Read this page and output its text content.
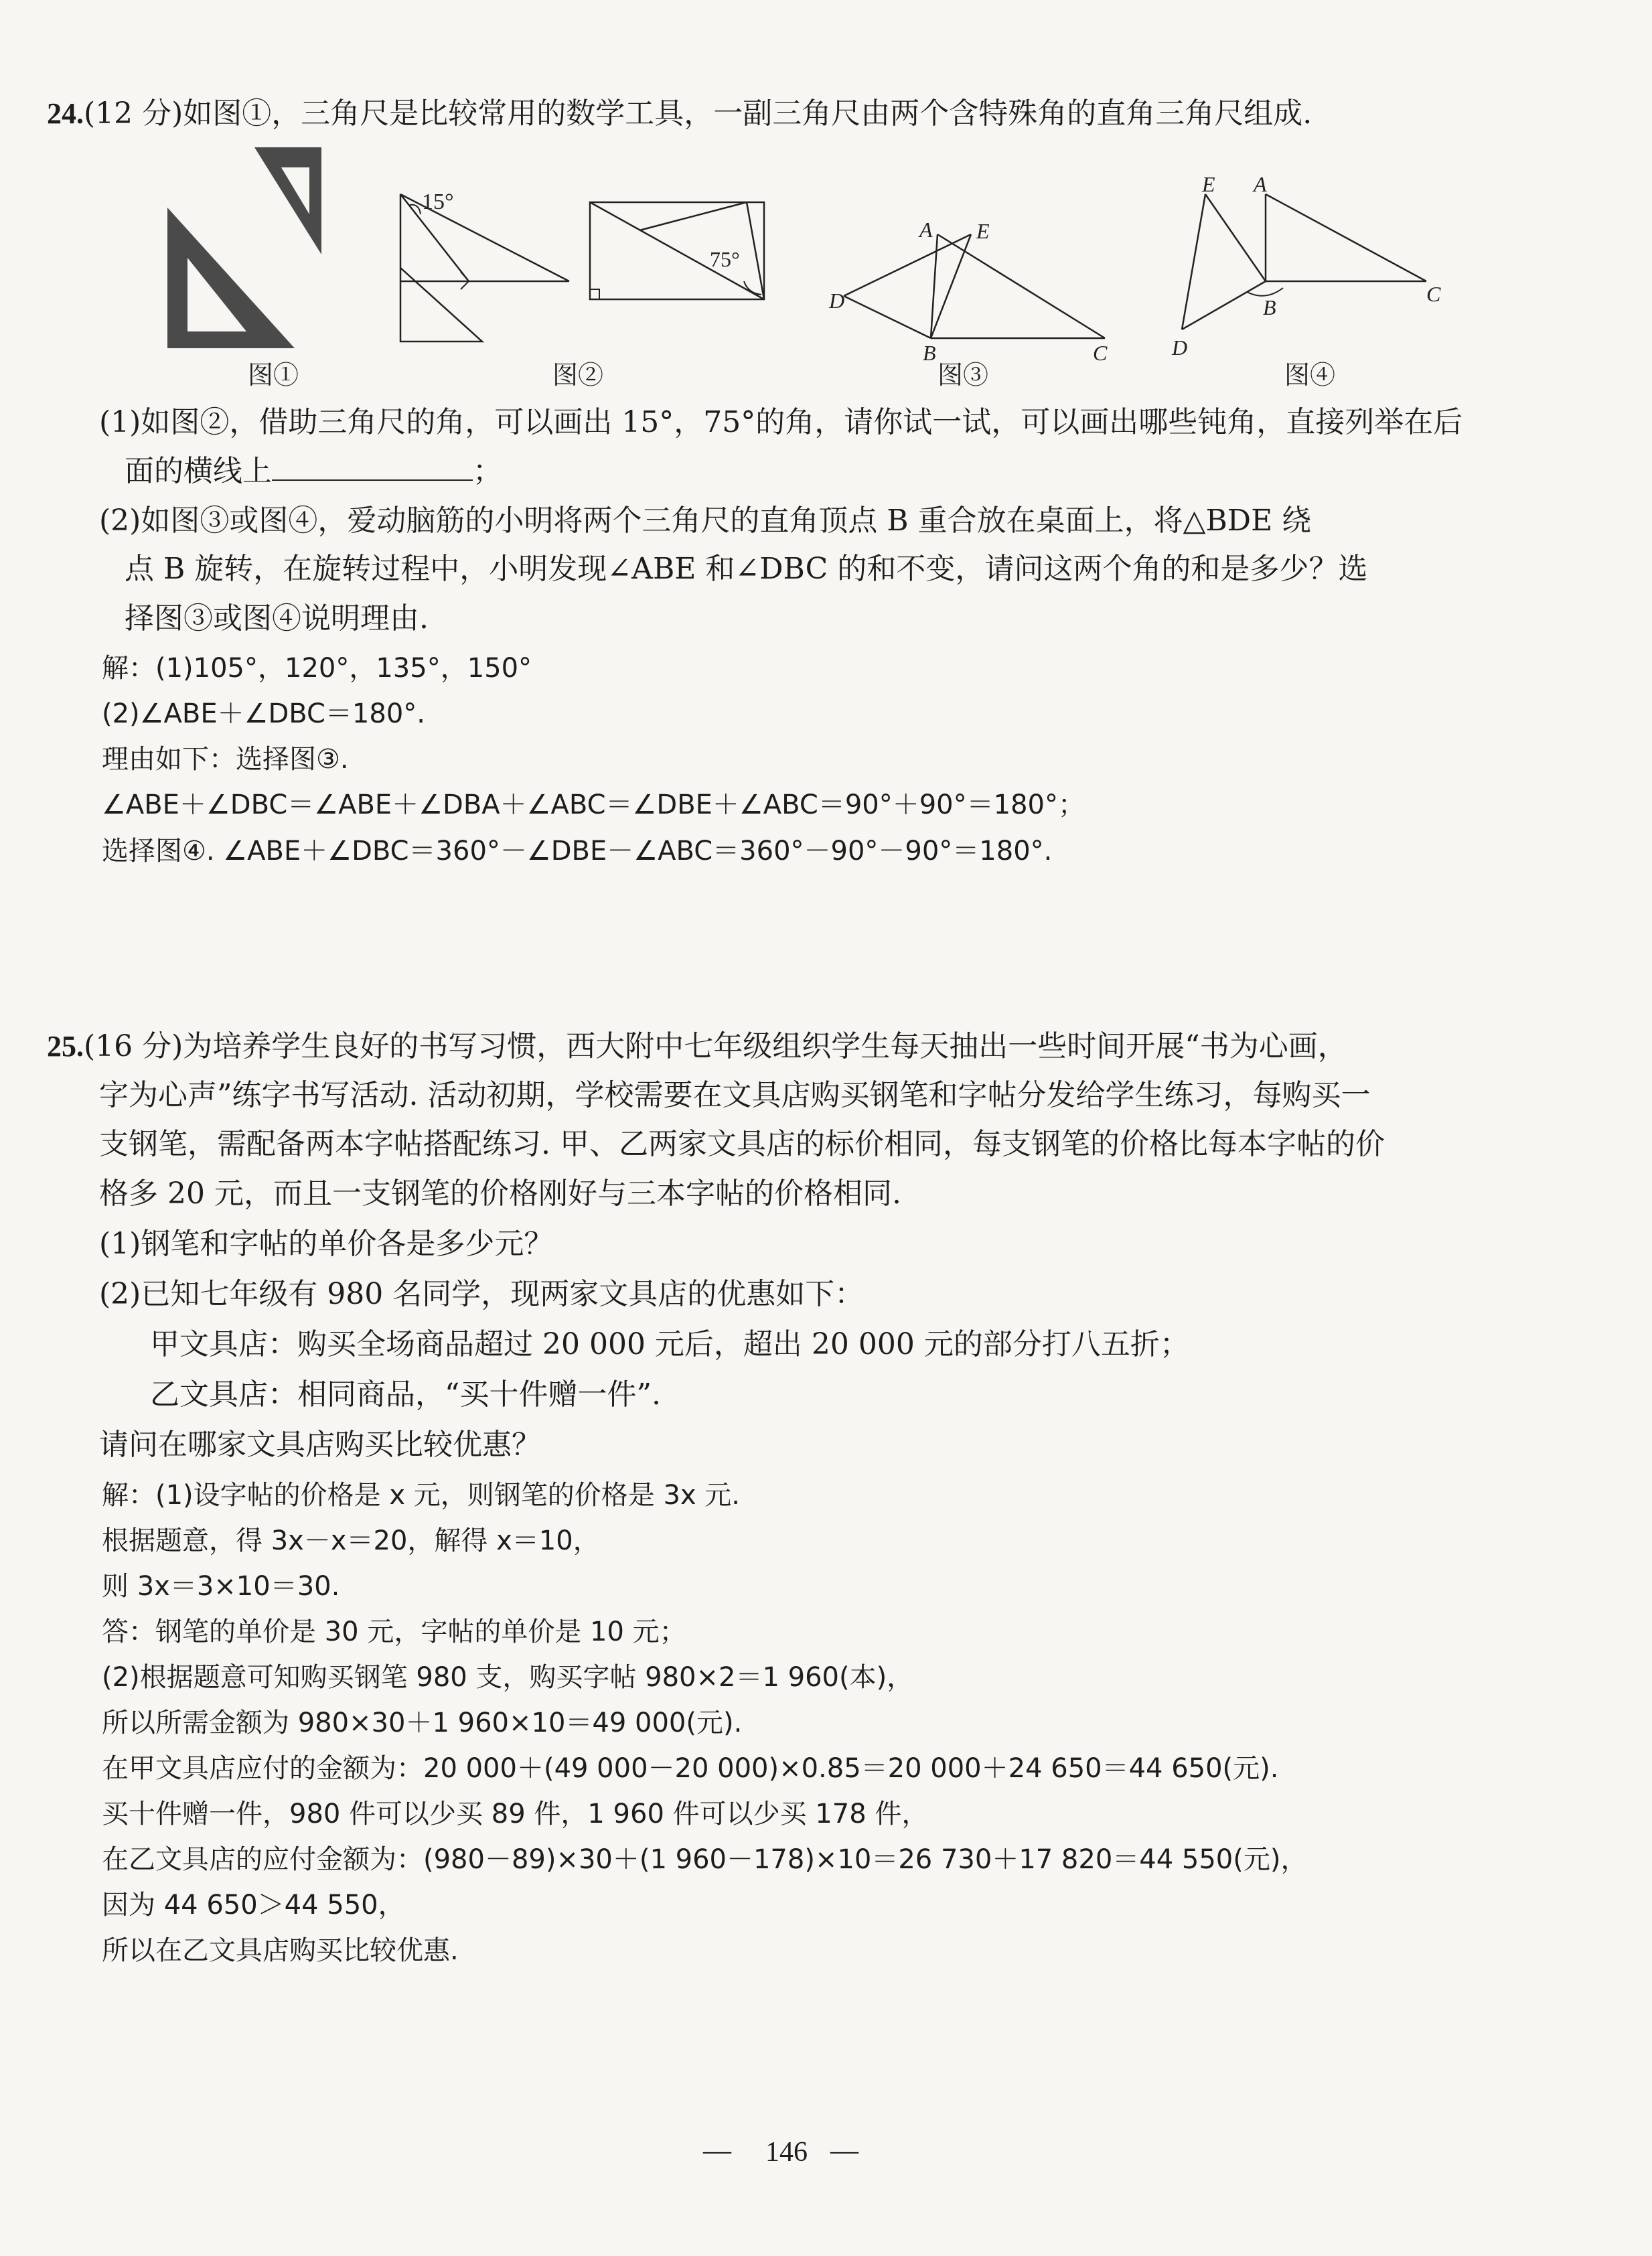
24.(12 分)如图①，三角尺是比较常用的数学工具，一副三角尺由两个含特殊角的直角三角尺组成.
15°
75°
A E
D
B	C
E A
D
B
C
图①	图②	图③	图④
(1)如图②，借助三角尺的角，可以画出 15°，75°的角，请你试一试，可以画出哪些钝角，直接列举在后
面的横线上	；
(2)如图③或图④，爱动脑筋的小明将两个三角尺的直角顶点 B 重合放在桌面上，将△BDE 绕
点 B 旋转，在旋转过程中，小明发现∠ABE 和∠DBC 的和不变，请问这两个角的和是多少？选
择图③或图④说明理由.
解：(1)105°，120°，135°，150°
(2)∠ABE＋∠DBC＝180°.
理由如下：选择图③.
∠ABE＋∠DBC＝∠ABE＋∠DBA＋∠ABC＝∠DBE＋∠ABC＝90°＋90°＝180°；
选择图④. ∠ABE＋∠DBC＝360°－∠DBE－∠ABC＝360°－90°－90°＝180°.
25.(16 分)为培养学生良好的书写习惯，西大附中七年级组织学生每天抽出一些时间开展“书为心画，
字为心声”练字书写活动. 活动初期，学校需要在文具店购买钢笔和字帖分发给学生练习，每购买一
支钢笔，需配备两本字帖搭配练习. 甲、乙两家文具店的标价相同，每支钢笔的价格比每本字帖的价
格多 20 元，而且一支钢笔的价格刚好与三本字帖的价格相同.
(1)钢笔和字帖的单价各是多少元？
(2)已知七年级有 980 名同学，现两家文具店的优惠如下：
甲文具店：购买全场商品超过 20 000 元后，超出 20 000 元的部分打八五折；
乙文具店：相同商品，“买十件赠一件”.
请问在哪家文具店购买比较优惠？
解：(1)设字帖的价格是 x 元，则钢笔的价格是 3x 元.
根据题意，得 3x－x＝20，解得 x＝10，
则 3x＝3×10＝30.
答：钢笔的单价是 30 元，字帖的单价是 10 元；
(2)根据题意可知购买钢笔 980 支，购买字帖 980×2＝1 960(本)，
所以所需金额为 980×30＋1 960×10＝49 000(元).
在甲文具店应付的金额为：20 000＋(49 000－20 000)×0.85＝20 000＋24 650＝44 650(元).
买十件赠一件，980 件可以少买 89 件，1 960 件可以少买 178 件，
在乙文具店的应付金额为：(980－89)×30＋(1 960－178)×10＝26 730＋17 820＝44 550(元)，
因为 44 650＞44 550，
所以在乙文具店购买比较优惠.
— 146 —
